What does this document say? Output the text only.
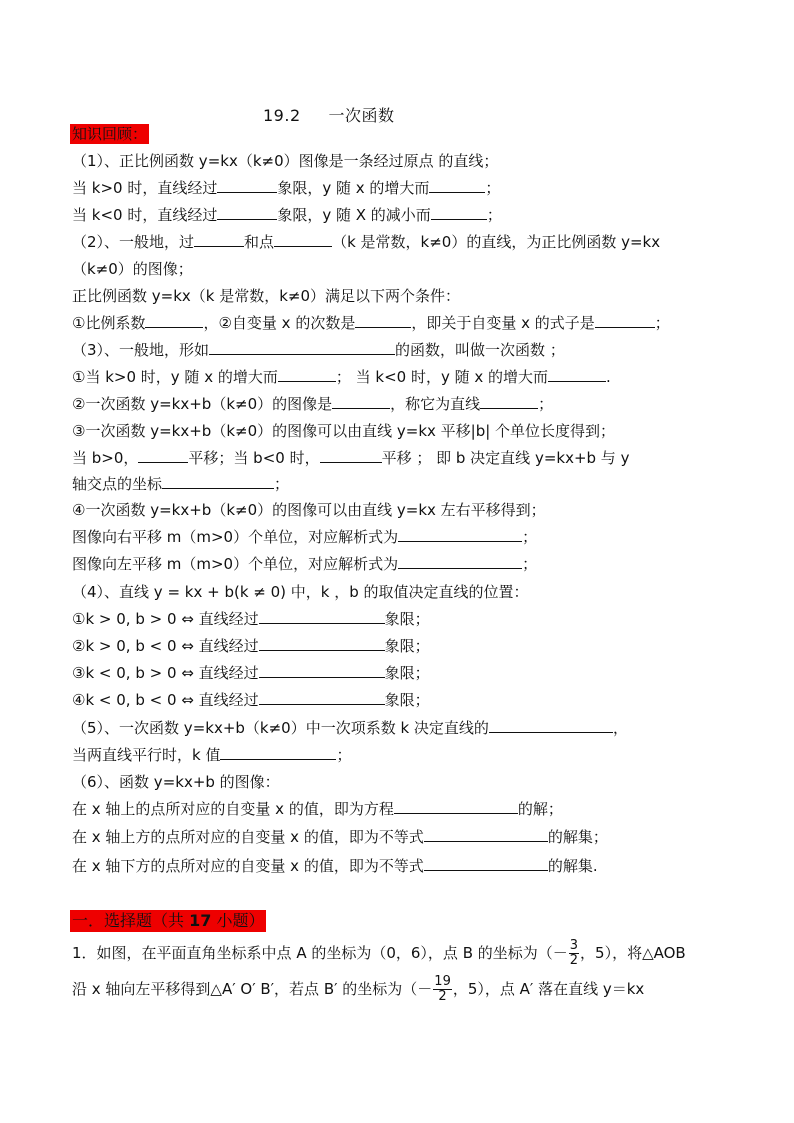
19.2     一次函数
知识回顾：
（1）、正比例函数 y=kx（k≠0）图像是一条经过原点 的直线；
当 k>0 时，直线经过	象限，y 随 x 的增大而	；
当 k<0 时，直线经过	象限，y 随 X 的减小而	；
（2）、一般地，过	和点	（k 是常数，k≠0）的直线，为正比例函数 y=kx
（k≠0）的图像；
正比例函数 y=kx（k 是常数，k≠0）满足以下两个条件：
①比例系数	，②自变量 x 的次数是	，即关于自变量 x 的式子是	；
（3）、一般地，形如	的函数，叫做一次函数 ；
①当 k>0 时，y 随 x 的增大而	； 当 k<0 时，y 随 x 的增大而	.
②一次函数 y=kx+b（k≠0）的图像是	，称它为直线	；
③一次函数 y=kx+b（k≠0）的图像可以由直线 y=kx 平移|b| 个单位长度得到；
当 b>0，	平移；当 b<0 时，	平移 ； 即 b 决定直线 y=kx+b 与 y
轴交点的坐标	；
④一次函数 y=kx+b（k≠0）的图像可以由直线 y=kx 左右平移得到；
图像向右平移 m（m>0）个单位，对应解析式为	；
图像向左平移 m（m>0）个单位，对应解析式为	；
（4）、直线 y = kx + b(k ≠ 0) 中，k ，b 的取值决定直线的位置：
①k > 0, b > 0 ⇔ 直线经过	象限；
②k > 0, b < 0 ⇔ 直线经过	象限；
③k < 0, b > 0 ⇔ 直线经过	象限；
④k < 0, b < 0 ⇔ 直线经过	象限；
（5）、一次函数 y=kx+b（k≠0）中一次项系数 k 决定直线的	，
当两直线平行时，k 值	；
（6）、函数 y=kx+b 的图像：
在 x 轴上的点所对应的自变量 x 的值，即为方程	的解；
在 x 轴上方的点所对应的自变量 x 的值，即为不等式	的解集；
在 x 轴下方的点所对应的自变量 x 的值，即为不等式	的解集.
一．选择题（共 17 小题）
1．如图，在平面直角坐标系中点 A 的坐标为（0，6），点 B 的坐标为（－ $\frac{3}{2}$ ，5），将△AOB
沿 x 轴向左平移得到△A′ O′ B′，若点 B′ 的坐标为（－ $\frac{19}{2}$ ，5），点 A′ 落在直线 y＝kx
